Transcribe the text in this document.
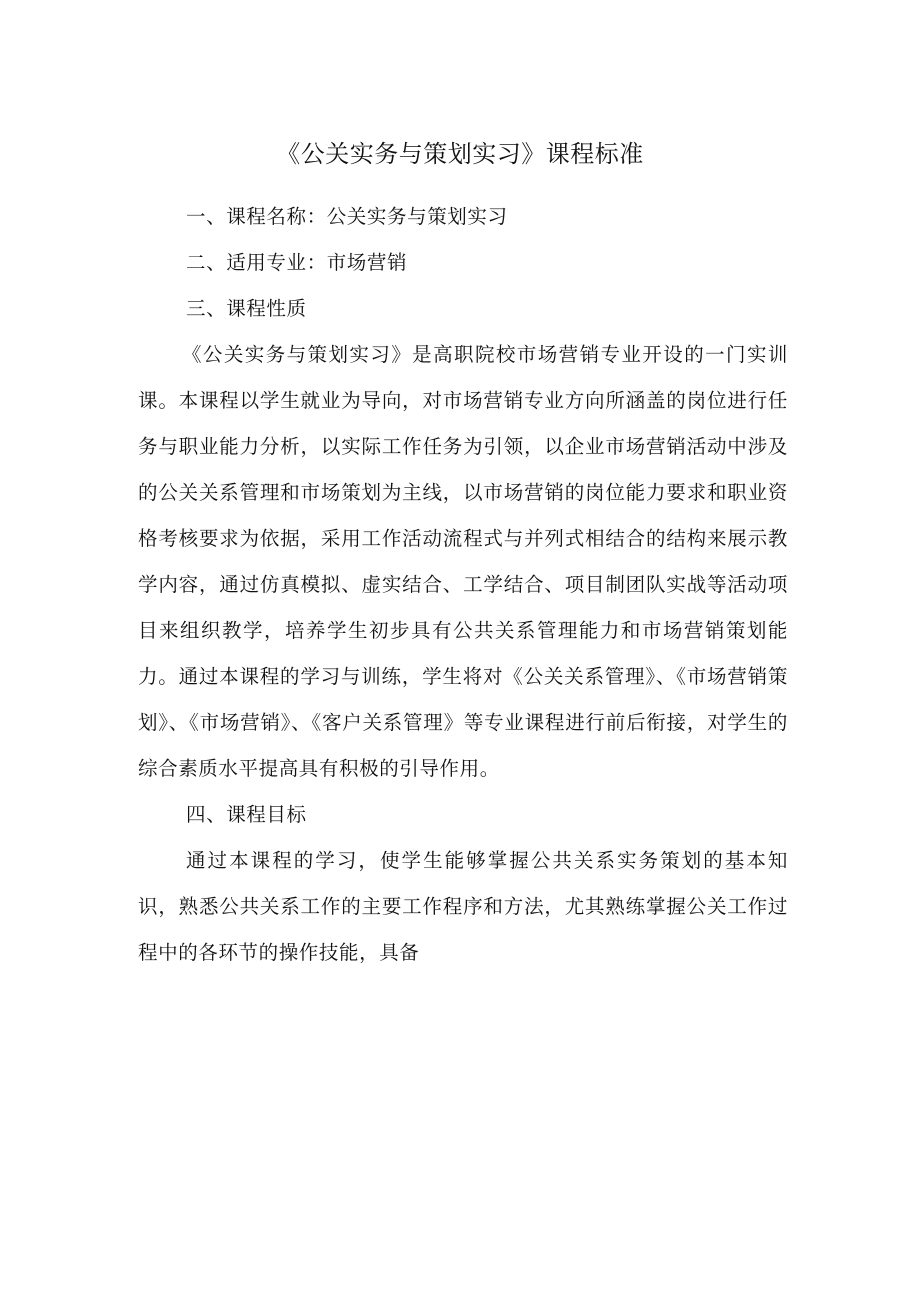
《公关实务与策划实习》课程标准

一、课程名称：公关实务与策划实习

二、适用专业：市场营销

三、课程性质

《公关实务与策划实习》是高职院校市场营销专业开设的一门实训课。本课程以学生就业为导向，对市场营销专业方向所涵盖的岗位进行任务与职业能力分析，以实际工作任务为引领，以企业市场营销活动中涉及的公关关系管理和市场策划为主线，以市场营销的岗位能力要求和职业资格考核要求为依据，采用工作活动流程式与并列式相结合的结构来展示教学内容，通过仿真模拟、虚实结合、工学结合、项目制团队实战等活动项目来组织教学，培养学生初步具有公共关系管理能力和市场营销策划能力。通过本课程的学习与训练，学生将对《公关关系管理》、《市场营销策划》、《市场营销》、《客户关系管理》等专业课程进行前后衔接，对学生的综合素质水平提高具有积极的引导作用。

四、课程目标

通过本课程的学习，使学生能够掌握公共关系实务策划的基本知识，熟悉公共关系工作的主要工作程序和方法，尤其熟练掌握公关工作过程中的各环节的操作技能，具备
